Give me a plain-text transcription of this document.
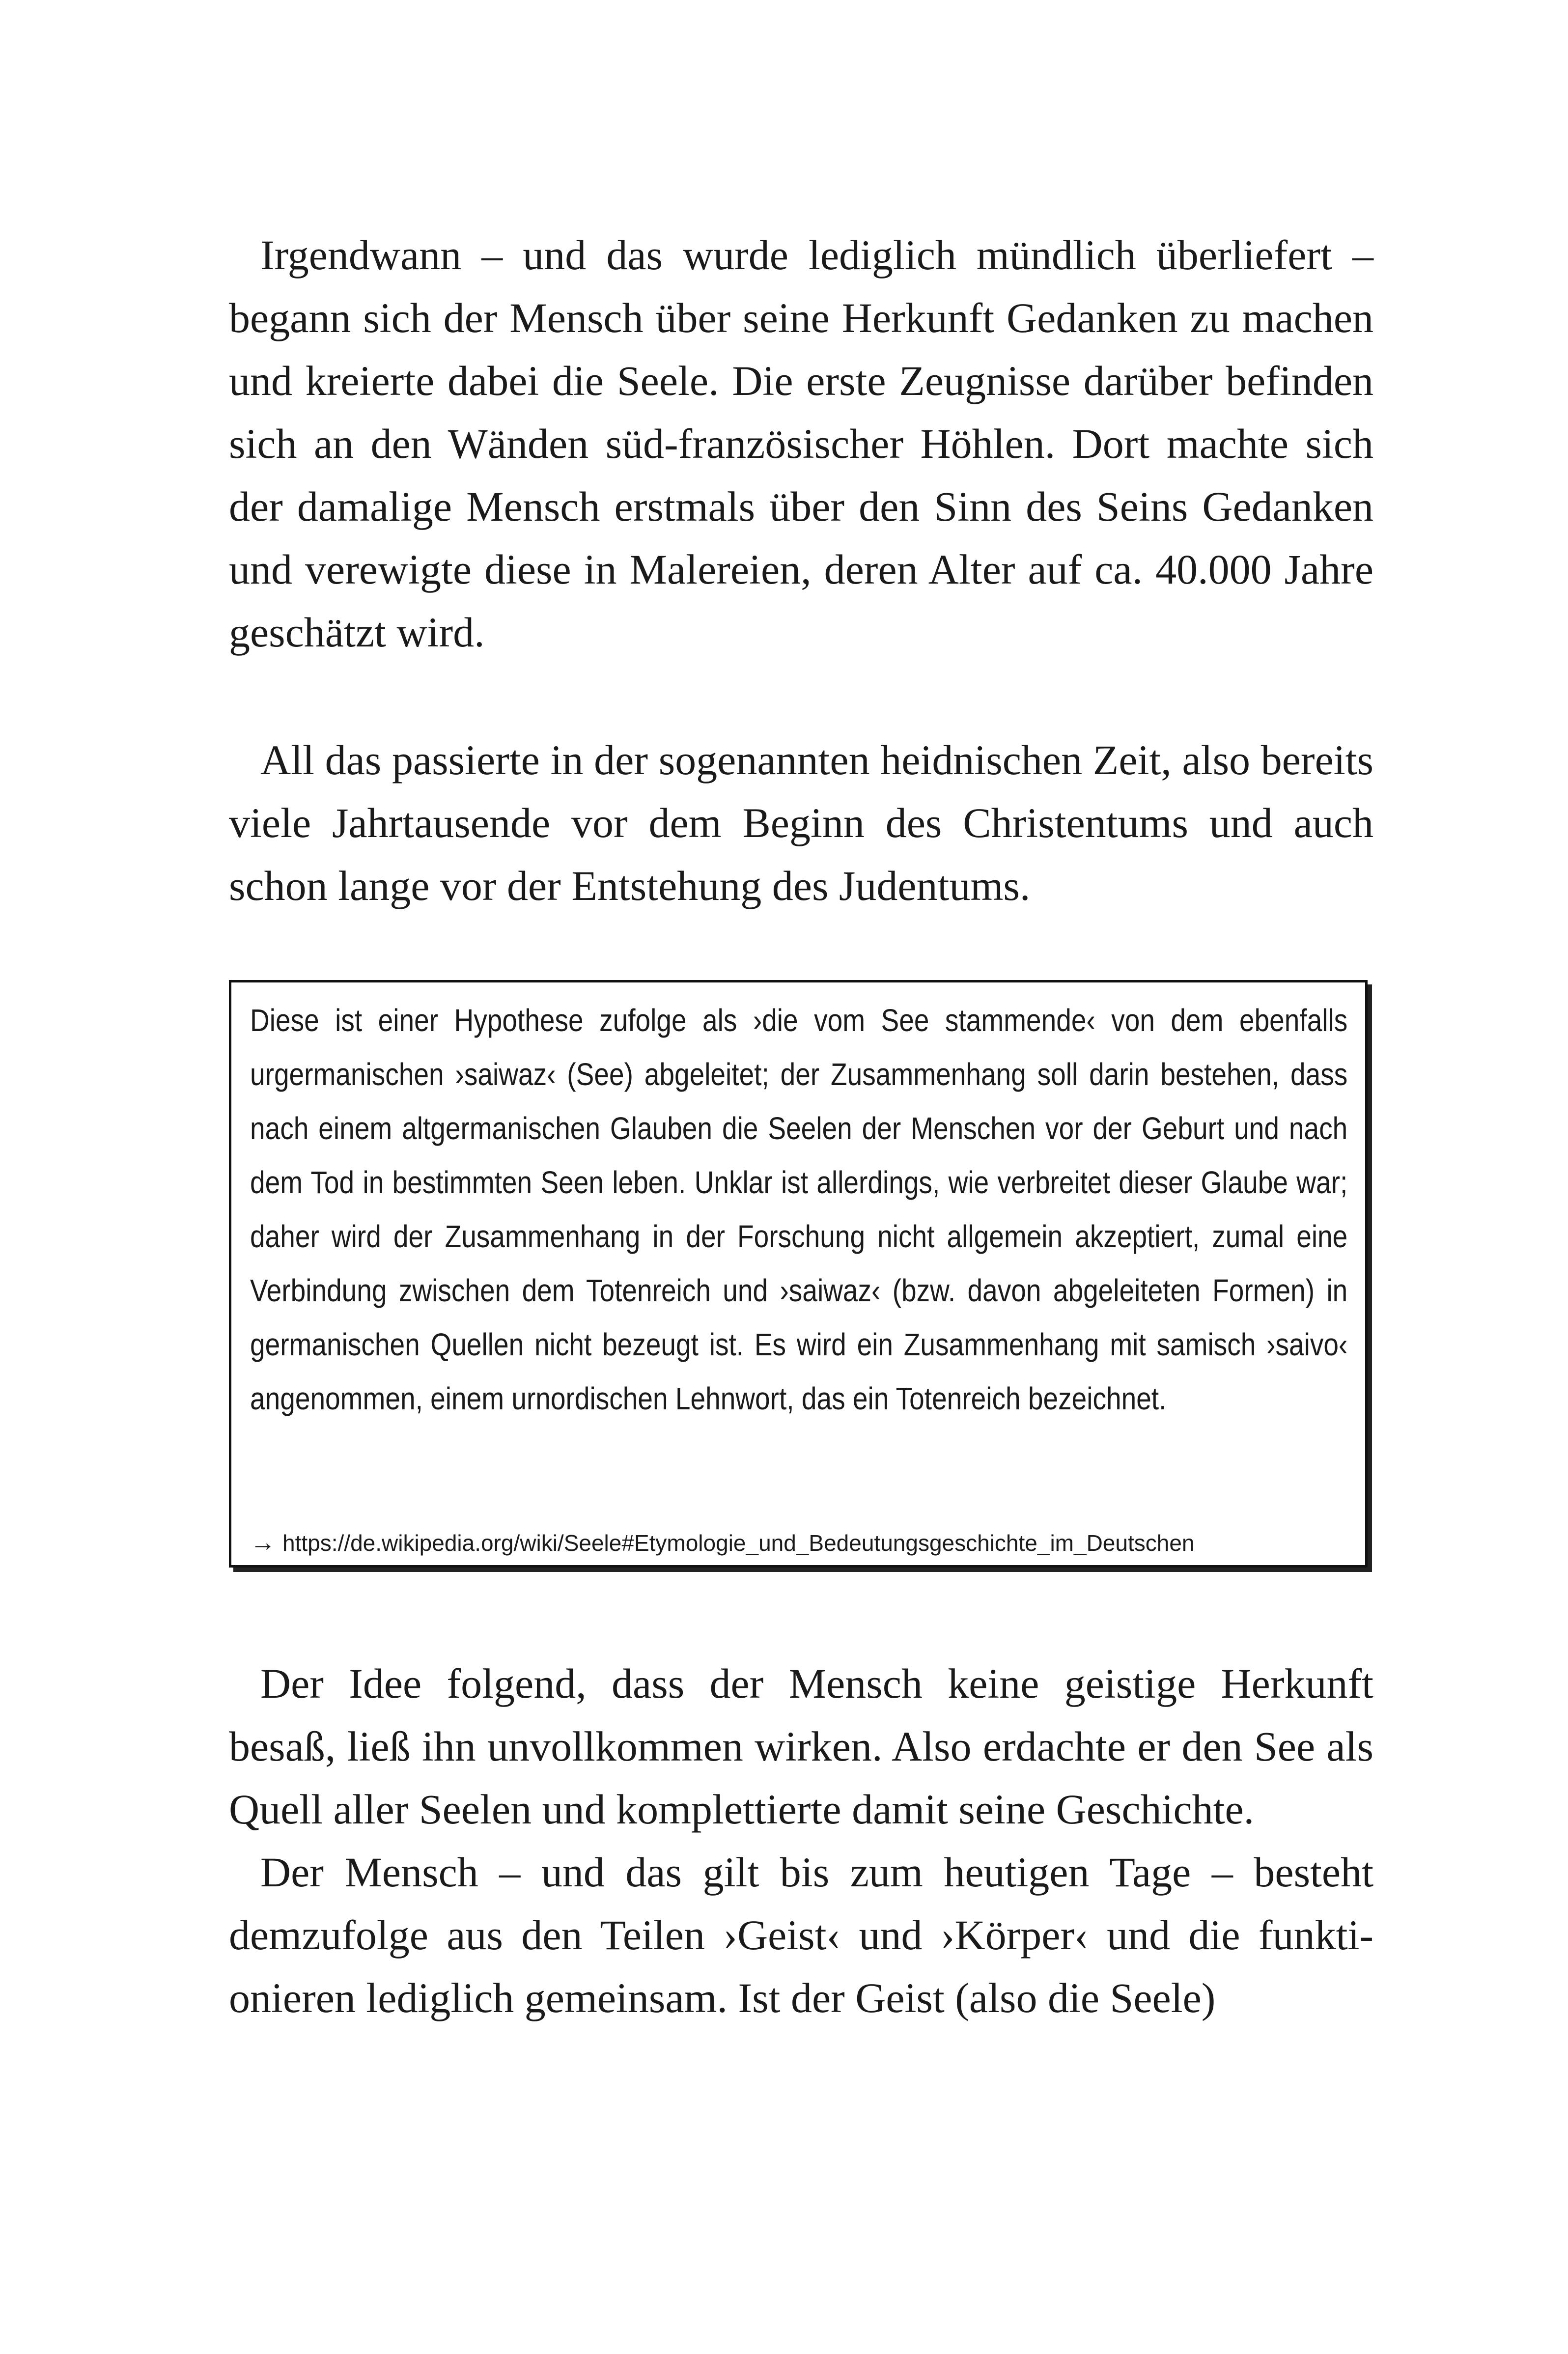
Irgendwann – und das wurde lediglich mündlich überliefert – begann sich der Mensch über seine Herkunft Gedanken zu machen und kreierte dabei die Seele. Die erste Zeugnisse darüber befinden sich an den Wänden süd-französischer Höhlen. Dort machte sich der damalige Mensch erstmals über den Sinn des Seins Gedanken und verewigte diese in Malereien, deren Alter auf ca. 40.000 Jahre geschätzt wird.

All das passierte in der sogenannten heidnischen Zeit, also bereits viele Jahrtausende vor dem Beginn des Christentums und auch schon lange vor der Entstehung des Judentums.

Diese ist einer Hypothese zufolge als ›die vom See stammende‹ von dem ebenfalls urgermanischen ›saiwaz‹ (See) abgeleitet; der Zusammenhang soll darin bestehen, dass nach einem altgermanischen Glauben die Seelen der Menschen vor der Geburt und nach dem Tod in bestimmten Seen leben. Unklar ist allerdings, wie verbreitet dieser Glaube war; daher wird der Zusammenhang in der Forschung nicht allgemein akzeptiert, zumal eine Verbindung zwischen dem Totenreich und ›saiwaz‹ (bzw. davon abgeleiteten Formen) in germanischen Quellen nicht bezeugt ist. Es wird ein Zusammenhang mit samisch ›saivo‹ angenommen, einem urnordischen Lehnwort, das ein Totenreich bezeichnet.

→ https://de.wikipedia.org/wiki/Seele#Etymologie_und_Bedeutungsgeschichte_im_Deutschen

Der Idee folgend, dass der Mensch keine geistige Herkunft besaß, ließ ihn unvollkommen wirken. Also erdachte er den See als Quell aller Seelen und komplettierte damit seine Geschichte.

Der Mensch – und das gilt bis zum heutigen Tage – besteht demzufolge aus den Teilen ›Geist‹ und ›Körper‹ und die funktionieren lediglich gemeinsam. Ist der Geist (also die Seele)
